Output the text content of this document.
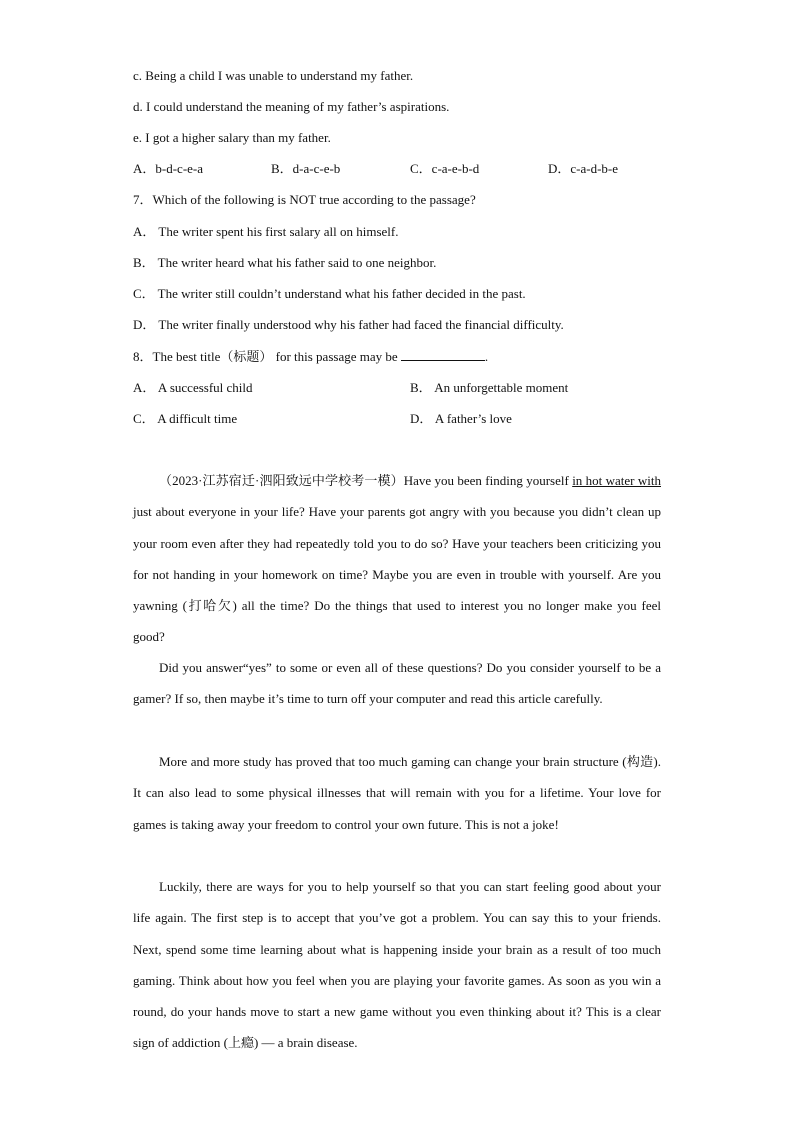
c. Being a child I was unable to understand my father.
d. I could understand the meaning of my father’s aspirations.
e. I got a higher salary than my father.
A．b-d-c-e-a	B．d-a-c-e-b	C．c-a-e-b-d	D．c-a-d-b-e
7．Which of the following is NOT true according to the passage?
A． The writer spent his first salary all on himself.
B． The writer heard what his father said to one neighbor.
C． The writer still couldn’t understand what his father decided in the past.
D． The writer finally understood why his father had faced the financial difficulty.
8．The best title（标题） for this passage may be	.
A． A successful child	B． An unforgettable moment
C． A difficult time	D． A father’s love
（2023·江苏宿迁·泗阳致远中学校考一模）Have you been finding yourself in hot water with just about everyone in your life? Have your parents got angry with you because you didn’t clean up your room even after they had repeatedly told you to do so? Have your teachers been criticizing you for not handing in your homework on time? Maybe you are even in trouble with yourself. Are you yawning (打哈欠) all the time? Do the things that used to interest you no longer make you feel good?
Did you answer“yes” to some or even all of these questions? Do you consider yourself to be a gamer? If so, then maybe it’s time to turn off your computer and read this article carefully.
More and more study has proved that too much gaming can change your brain structure (构造). It can also lead to some physical illnesses that will remain with you for a lifetime. Your love for games is taking away your freedom to control your own future. This is not a joke!
Luckily, there are ways for you to help yourself so that you can start feeling good about your life again. The first step is to accept that you’ve got a problem. You can say this to your friends. Next, spend some time learning about what is happening inside your brain as a result of too much gaming. Think about how you feel when you are playing your favorite games. As soon as you win a round, do your hands move to start a new game without you even thinking about it? This is a clear sign of addiction (上瘾) — a brain disease.
